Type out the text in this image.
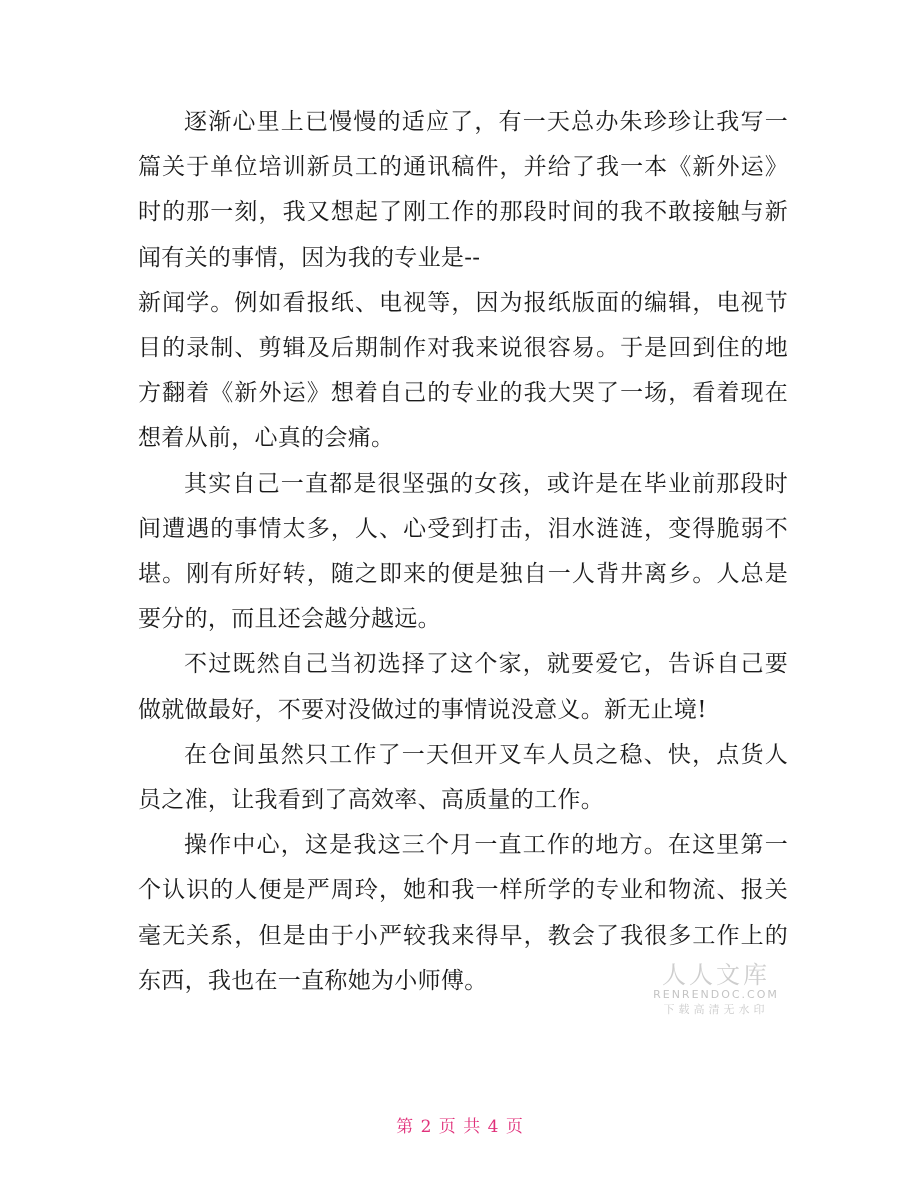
逐渐心里上已慢慢的适应了，有一天总办朱珍珍让我写一篇关于单位培训新员工的通讯稿件，并给了我一本《新外运》时的那一刻，我又想起了刚工作的那段时间的我不敢接触与新闻有关的事情，因为我的专业是--

新闻学。例如看报纸、电视等，因为报纸版面的编辑，电视节目的录制、剪辑及后期制作对我来说很容易。于是回到住的地方翻着《新外运》想着自己的专业的我大哭了一场，看着现在想着从前，心真的会痛。

其实自己一直都是很坚强的女孩，或许是在毕业前那段时间遭遇的事情太多，人、心受到打击，泪水涟涟，变得脆弱不堪。刚有所好转，随之即来的便是独自一人背井离乡。人总是要分的，而且还会越分越远。

不过既然自己当初选择了这个家，就要爱它，告诉自己要做就做最好，不要对没做过的事情说没意义。新无止境!

在仓间虽然只工作了一天但开叉车人员之稳、快，点货人员之准，让我看到了高效率、高质量的工作。

操作中心，这是我这三个月一直工作的地方。在这里第一个认识的人便是严周玲，她和我一样所学的专业和物流、报关毫无关系，但是由于小严较我来得早，教会了我很多工作上的东西，我也在一直称她为小师傅。	人人文库
RENRENDOC.COM
下载高清无水印
第 2 页 共 4 页
